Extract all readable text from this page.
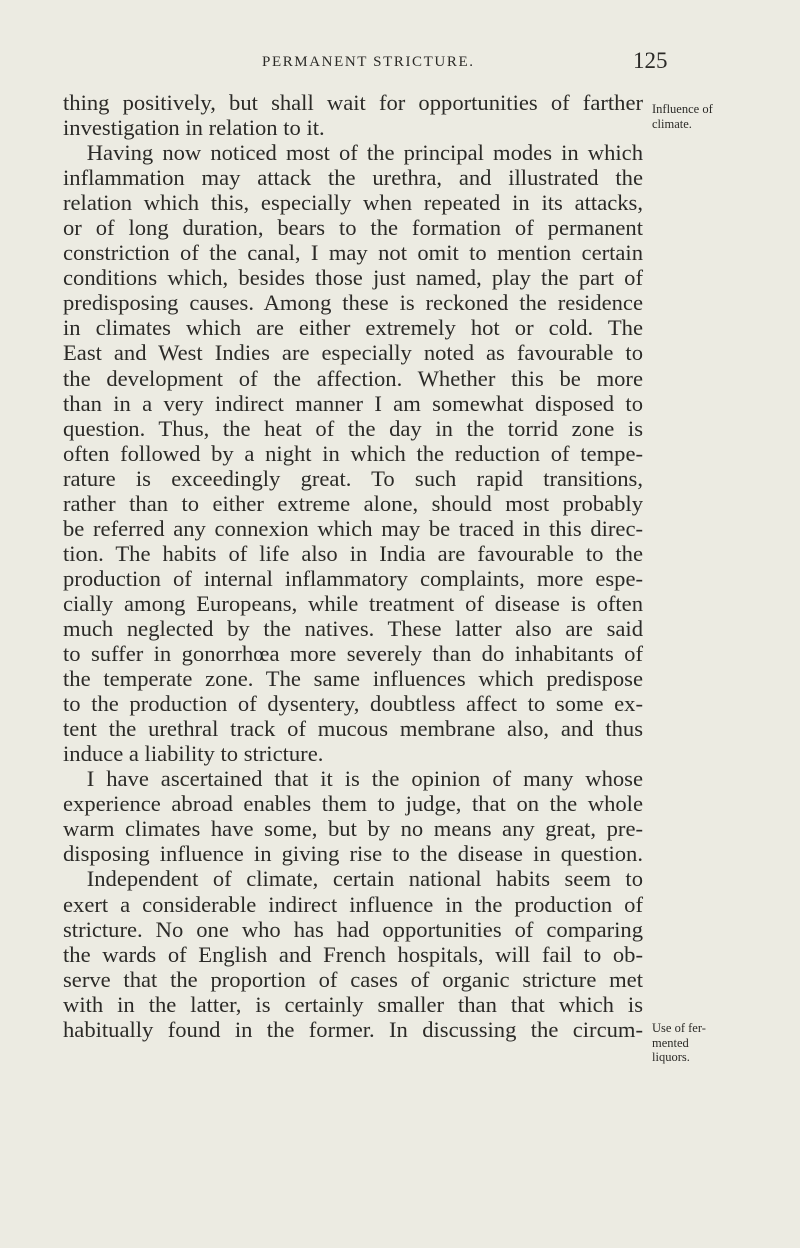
PERMANENT STRICTURE.	125
thing positively, but shall wait for opportunities of farther
investigation in relation to it.
Having now noticed most of the principal modes in which
inflammation may attack the urethra, and illustrated the
relation which this, especially when repeated in its attacks,
or of long duration, bears to the formation of permanent
constriction of the canal, I may not omit to mention certain
conditions which, besides those just named, play the part of
predisposing causes. Among these is reckoned the residence
in climates which are either extremely hot or cold. The
East and West Indies are especially noted as favourable to
the development of the affection. Whether this be more
than in a very indirect manner I am somewhat disposed to
question. Thus, the heat of the day in the torrid zone is
often followed by a night in which the reduction of tempe-
rature is exceedingly great. To such rapid transitions,
rather than to either extreme alone, should most probably
be referred any connexion which may be traced in this direc-
tion. The habits of life also in India are favourable to the
production of internal inflammatory complaints, more espe-
cially among Europeans, while treatment of disease is often
much neglected by the natives. These latter also are said
to suffer in gonorrhœa more severely than do inhabitants of
the temperate zone. The same influences which predispose
to the production of dysentery, doubtless affect to some ex-
tent the urethral track of mucous membrane also, and thus
induce a liability to stricture.
I have ascertained that it is the opinion of many whose
experience abroad enables them to judge, that on the whole
warm climates have some, but by no means any great, pre-
disposing influence in giving rise to the disease in question.
Independent of climate, certain national habits seem to
exert a considerable indirect influence in the production of
stricture. No one who has had opportunities of comparing
the wards of English and French hospitals, will fail to ob-
serve that the proportion of cases of organic stricture met
with in the latter, is certainly smaller than that which is
habitually found in the former. In discussing the circum-
Influence of
climate.
Use of fer-
mented
liquors.
